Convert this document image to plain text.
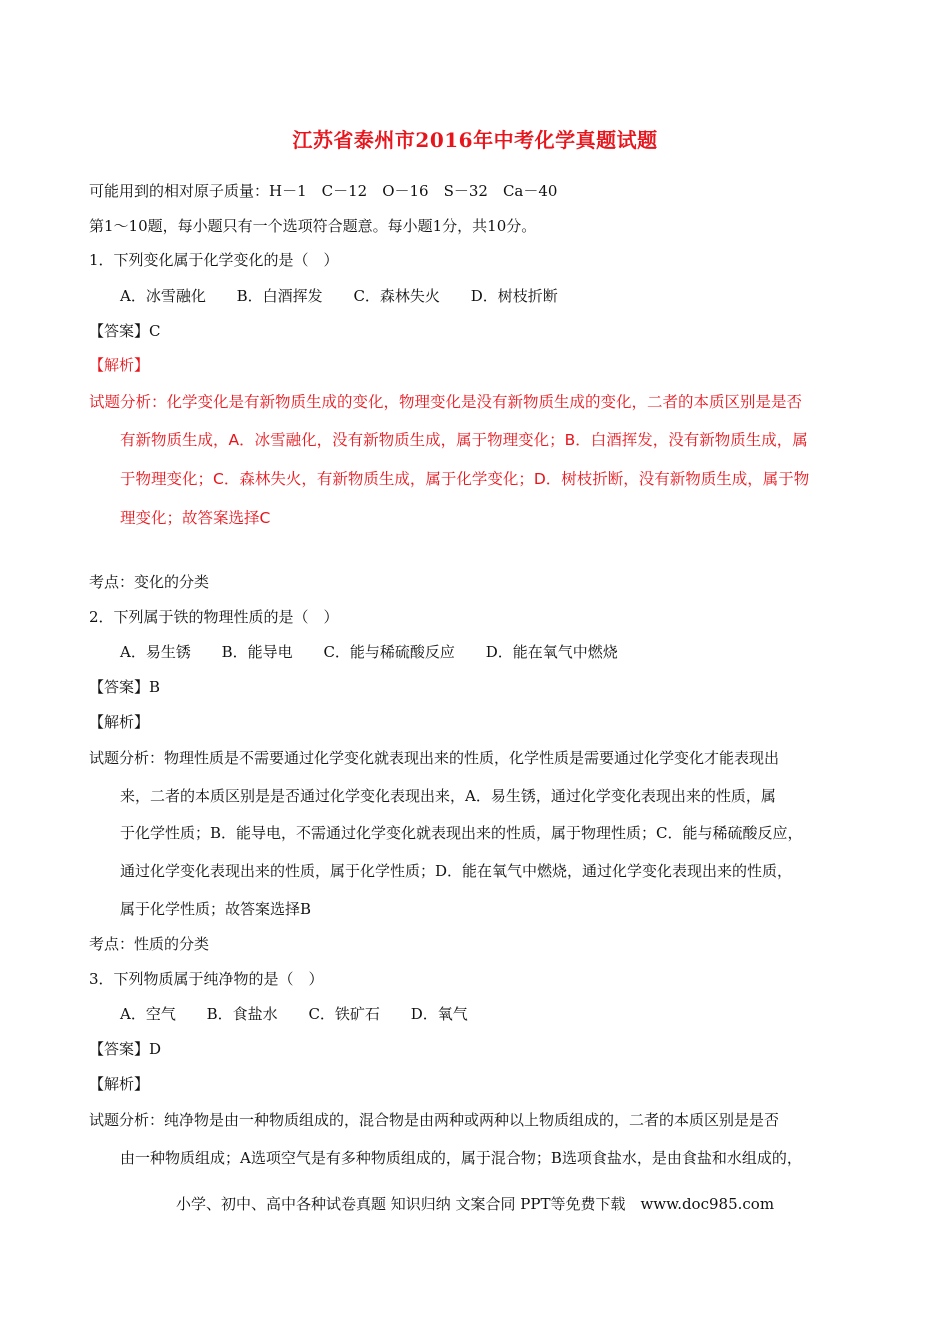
江苏省泰州市2016年中考化学真题试题
可能用到的相对原子质量：H－1　C－12　O－16　S－32　Ca－40
第1～10题，每小题只有一个选项符合题意。每小题1分，共10分。
1．下列变化属于化学变化的是（　）
A．冰雪融化 B．白酒挥发 C．森林失火 D．树枝折断
【答案】C
【解析】
试题分析：化学变化是有新物质生成的变化，物理变化是没有新物质生成的变化，二者的本质区别是是否
有新物质生成，A．冰雪融化，没有新物质生成，属于物理变化；B．白酒挥发，没有新物质生成，属
于物理变化；C．森林失火，有新物质生成，属于化学变化；D．树枝折断，没有新物质生成，属于物
理变化；故答案选择C
考点：变化的分类
2．下列属于铁的物理性质的是（　）
A．易生锈 B．能导电 C．能与稀硫酸反应 D．能在氧气中燃烧
【答案】B
【解析】
试题分析：物理性质是不需要通过化学变化就表现出来的性质，化学性质是需要通过化学变化才能表现出
来，二者的本质区别是是否通过化学变化表现出来，A．易生锈，通过化学变化表现出来的性质，属
于化学性质；B．能导电，不需通过化学变化就表现出来的性质，属于物理性质；C．能与稀硫酸反应，
通过化学变化表现出来的性质，属于化学性质；D．能在氧气中燃烧，通过化学变化表现出来的性质，
属于化学性质；故答案选择B
考点：性质的分类
3．下列物质属于纯净物的是（　）
A．空气 B．食盐水 C．铁矿石 D．氧气
【答案】D
【解析】
试题分析：纯净物是由一种物质组成的，混合物是由两种或两种以上物质组成的，二者的本质区别是是否
由一种物质组成；A选项空气是有多种物质组成的，属于混合物；B选项食盐水，是由食盐和水组成的，
小学、初中、高中各种试卷真题 知识归纳 文案合同 PPT等免费下载　www.doc985.com
